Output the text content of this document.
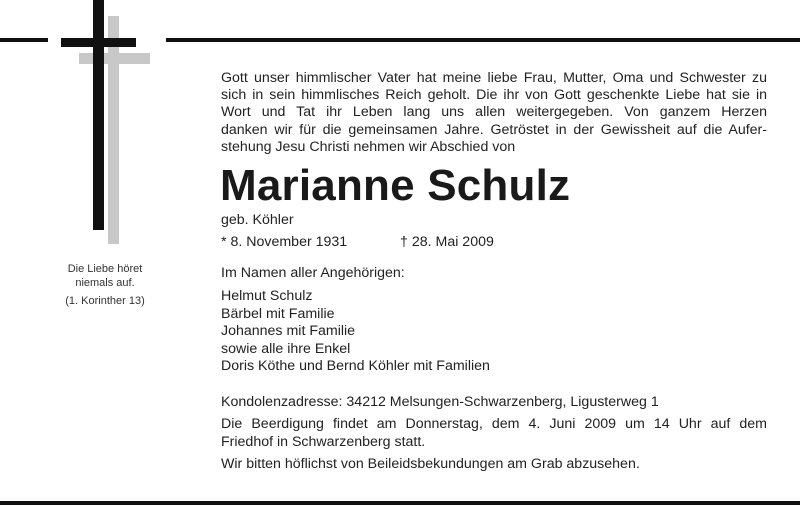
Die Liebe höret
niemals auf.
(1. Korinther 13)
Gott unser himmlischer Vater hat meine liebe Frau, Mutter, Oma und Schwester zu
sich in sein himmlisches Reich geholt. Die ihr von Gott geschenkte Liebe hat sie in
Wort und Tat ihr Leben lang uns allen weitergegeben. Von ganzem Herzen
danken wir für die gemeinsamen Jahre. Getröstet in der Gewissheit auf die Aufer-
stehung Jesu Christi nehmen wir Abschied von
Marianne Schulz
geb. Köhler
* 8. November 1931	† 28. Mai 2009
Im Namen aller Angehörigen:
Helmut Schulz
Bärbel mit Familie
Johannes mit Familie
sowie alle ihre Enkel
Doris Köthe und Bernd Köhler mit Familien
Kondolenzadresse: 34212 Melsungen-Schwarzenberg, Ligusterweg 1
Die Beerdigung findet am Donnerstag, dem 4. Juni 2009 um 14 Uhr auf dem
Friedhof in Schwarzenberg statt.
Wir bitten höflichst von Beileidsbekundungen am Grab abzusehen.
